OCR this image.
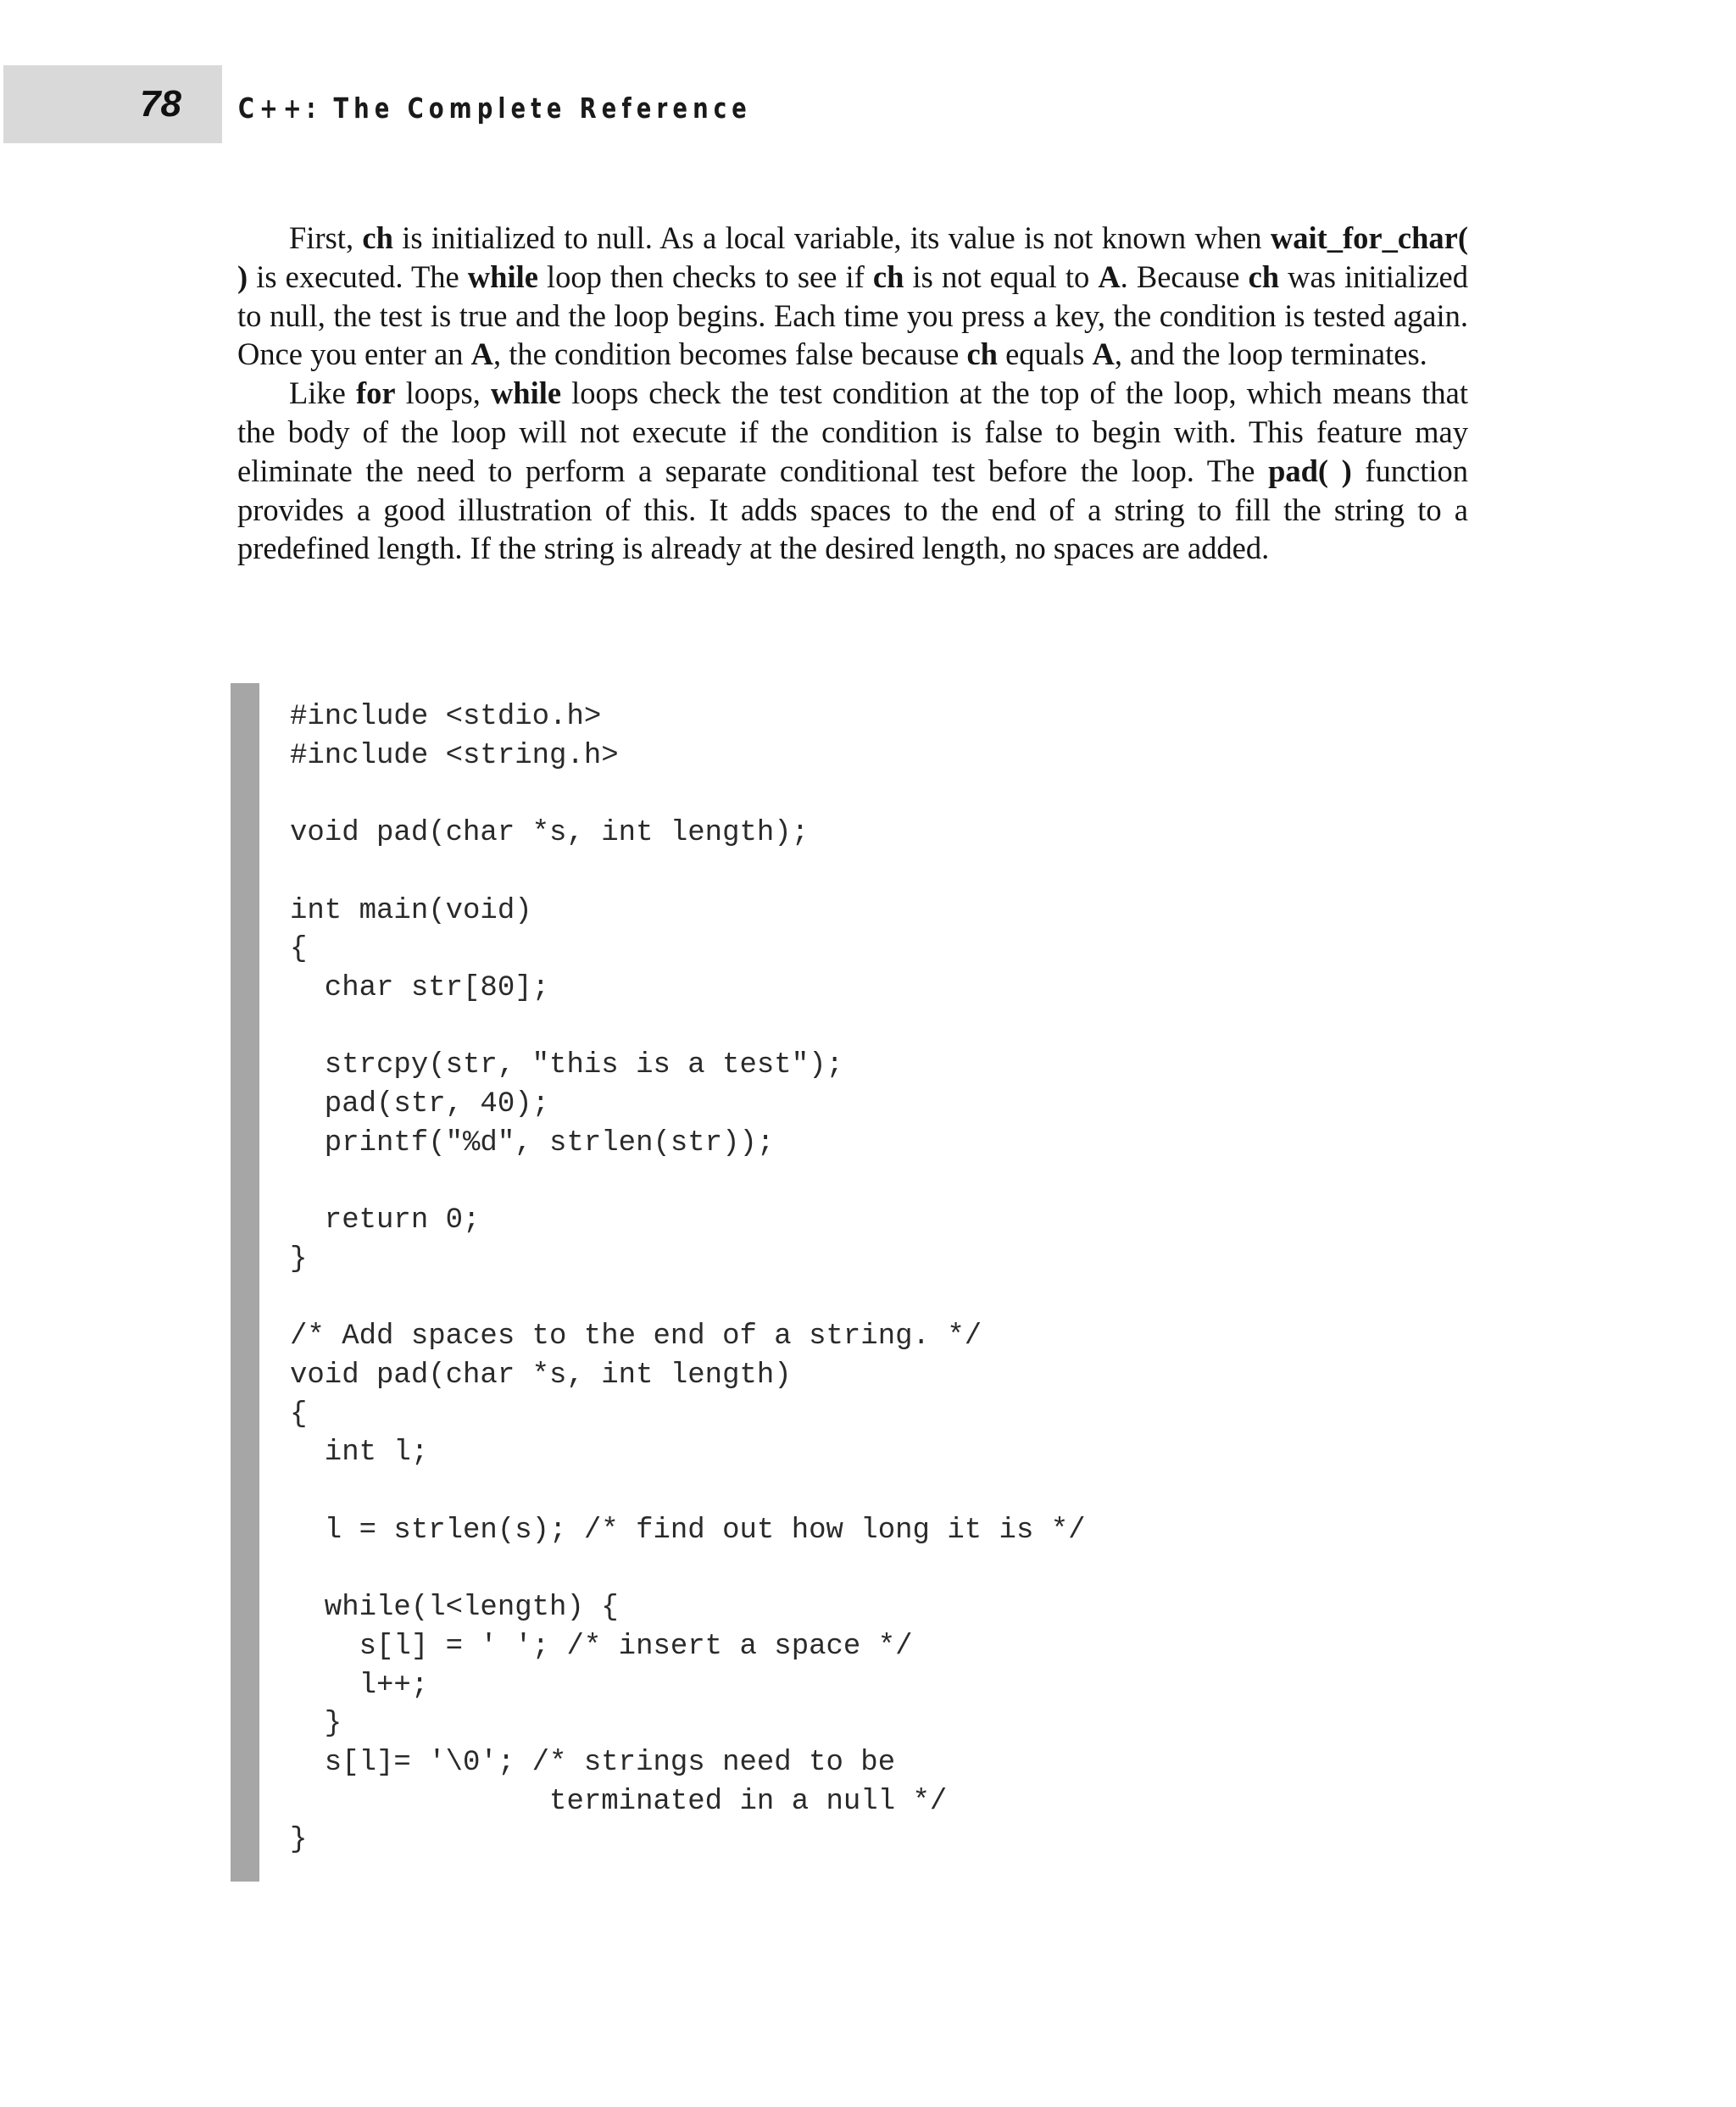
78 C++: The Complete Reference

First, ch is initialized to null. As a local variable, its value is not known when wait_for_char( ) is executed. The while loop then checks to see if ch is not equal to A. Because ch was initialized to null, the test is true and the loop begins. Each time you press a key, the condition is tested again. Once you enter an A, the condition becomes false because ch equals A, and the loop terminates.

Like for loops, while loops check the test condition at the top of the loop, which means that the body of the loop will not execute if the condition is false to begin with. This feature may eliminate the need to perform a separate conditional test before the loop. The pad( ) function provides a good illustration of this. It adds spaces to the end of a string to fill the string to a predefined length. If the string is already at the desired length, no spaces are added.

#include <stdio.h>
#include <string.h>

void pad(char *s, int length);

int main(void)
{
char str[80];

strcpy(str, "this is a test");
pad(str, 40);
printf("%d", strlen(str));

return 0;
}

/* Add spaces to the end of a string. */
void pad(char *s, int length)
{
int l;

l = strlen(s); /* find out how long it is */

while(l<length) {
s[l] = ' '; /* insert a space */
l++;
}
s[l]= '\0'; /* strings need to be
terminated in a null */
}
